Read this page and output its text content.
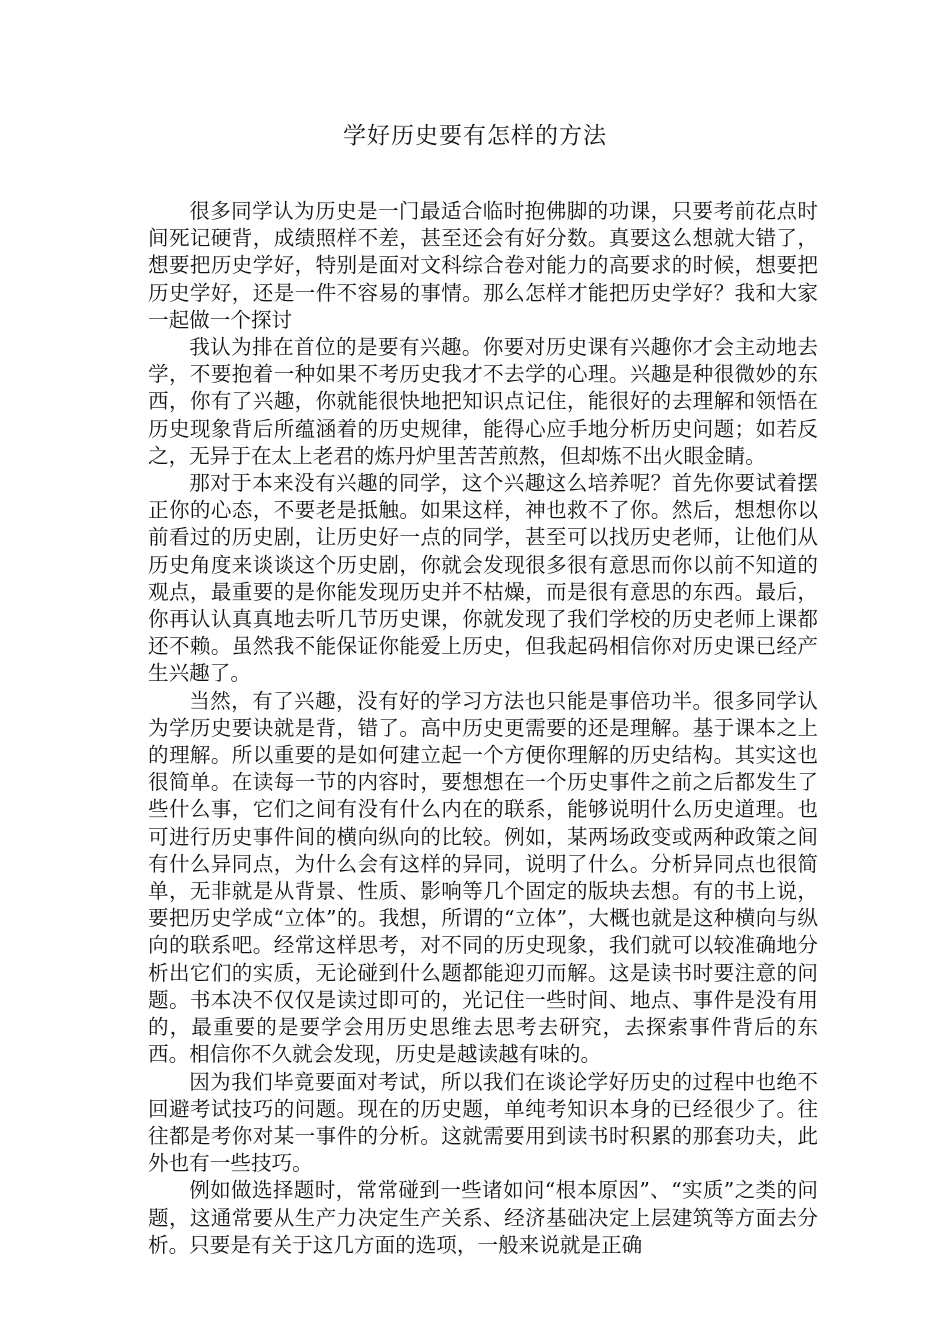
学好历史要有怎样的方法

很多同学认为历史是一门最适合临时抱佛脚的功课，只要考前花点时间死记硬背，成绩照样不差，甚至还会有好分数。真要这么想就大错了，想要把历史学好，特别是面对文科综合卷对能力的高要求的时候，想要把历史学好，还是一件不容易的事情。那么怎样才能把历史学好？我和大家一起做一个探讨

我认为排在首位的是要有兴趣。你要对历史课有兴趣你才会主动地去学，不要抱着一种如果不考历史我才不去学的心理。兴趣是种很微妙的东西，你有了兴趣，你就能很快地把知识点记住，能很好的去理解和领悟在历史现象背后所蕴涵着的历史规律，能得心应手地分析历史问题；如若反之，无异于在太上老君的炼丹炉里苦苦煎熬，但却炼不出火眼金睛。

那对于本来没有兴趣的同学，这个兴趣这么培养呢？首先你要试着摆正你的心态，不要老是抵触。如果这样，神也救不了你。然后，想想你以前看过的历史剧，让历史好一点的同学，甚至可以找历史老师，让他们从历史角度来谈谈这个历史剧，你就会发现很多很有意思而你以前不知道的观点，最重要的是你能发现历史并不枯燥，而是很有意思的东西。最后，你再认认真真地去听几节历史课，你就发现了我们学校的历史老师上课都还不赖。虽然我不能保证你能爱上历史，但我起码相信你对历史课已经产生兴趣了。

当然，有了兴趣，没有好的学习方法也只能是事倍功半。很多同学认为学历史要诀就是背，错了。高中历史更需要的还是理解。基于课本之上的理解。所以重要的是如何建立起一个方便你理解的历史结构。其实这也很简单。在读每一节的内容时，要想想在一个历史事件之前之后都发生了些什么事，它们之间有没有什么内在的联系，能够说明什么历史道理。也可进行历史事件间的横向纵向的比较。例如，某两场政变或两种政策之间有什么异同点，为什么会有这样的异同，说明了什么。分析异同点也很简单，无非就是从背景、性质、影响等几个固定的版块去想。有的书上说，要把历史学成“立体”的。我想，所谓的“立体”，大概也就是这种横向与纵向的联系吧。经常这样思考，对不同的历史现象，我们就可以较准确地分析出它们的实质，无论碰到什么题都能迎刃而解。这是读书时要注意的问题。书本决不仅仅是读过即可的，光记住一些时间、地点、事件是没有用的，最重要的是要学会用历史思维去思考去研究，去探索事件背后的东西。相信你不久就会发现，历史是越读越有味的。

因为我们毕竟要面对考试，所以我们在谈论学好历史的过程中也绝不回避考试技巧的问题。现在的历史题，单纯考知识本身的已经很少了。往往都是考你对某一事件的分析。这就需要用到读书时积累的那套功夫，此外也有一些技巧。

例如做选择题时，常常碰到一些诸如问“根本原因”、“实质”之类的问题，这通常要从生产力决定生产关系、经济基础决定上层建筑等方面去分析。只要是有关于这几方面的选项，一般来说就是正确
